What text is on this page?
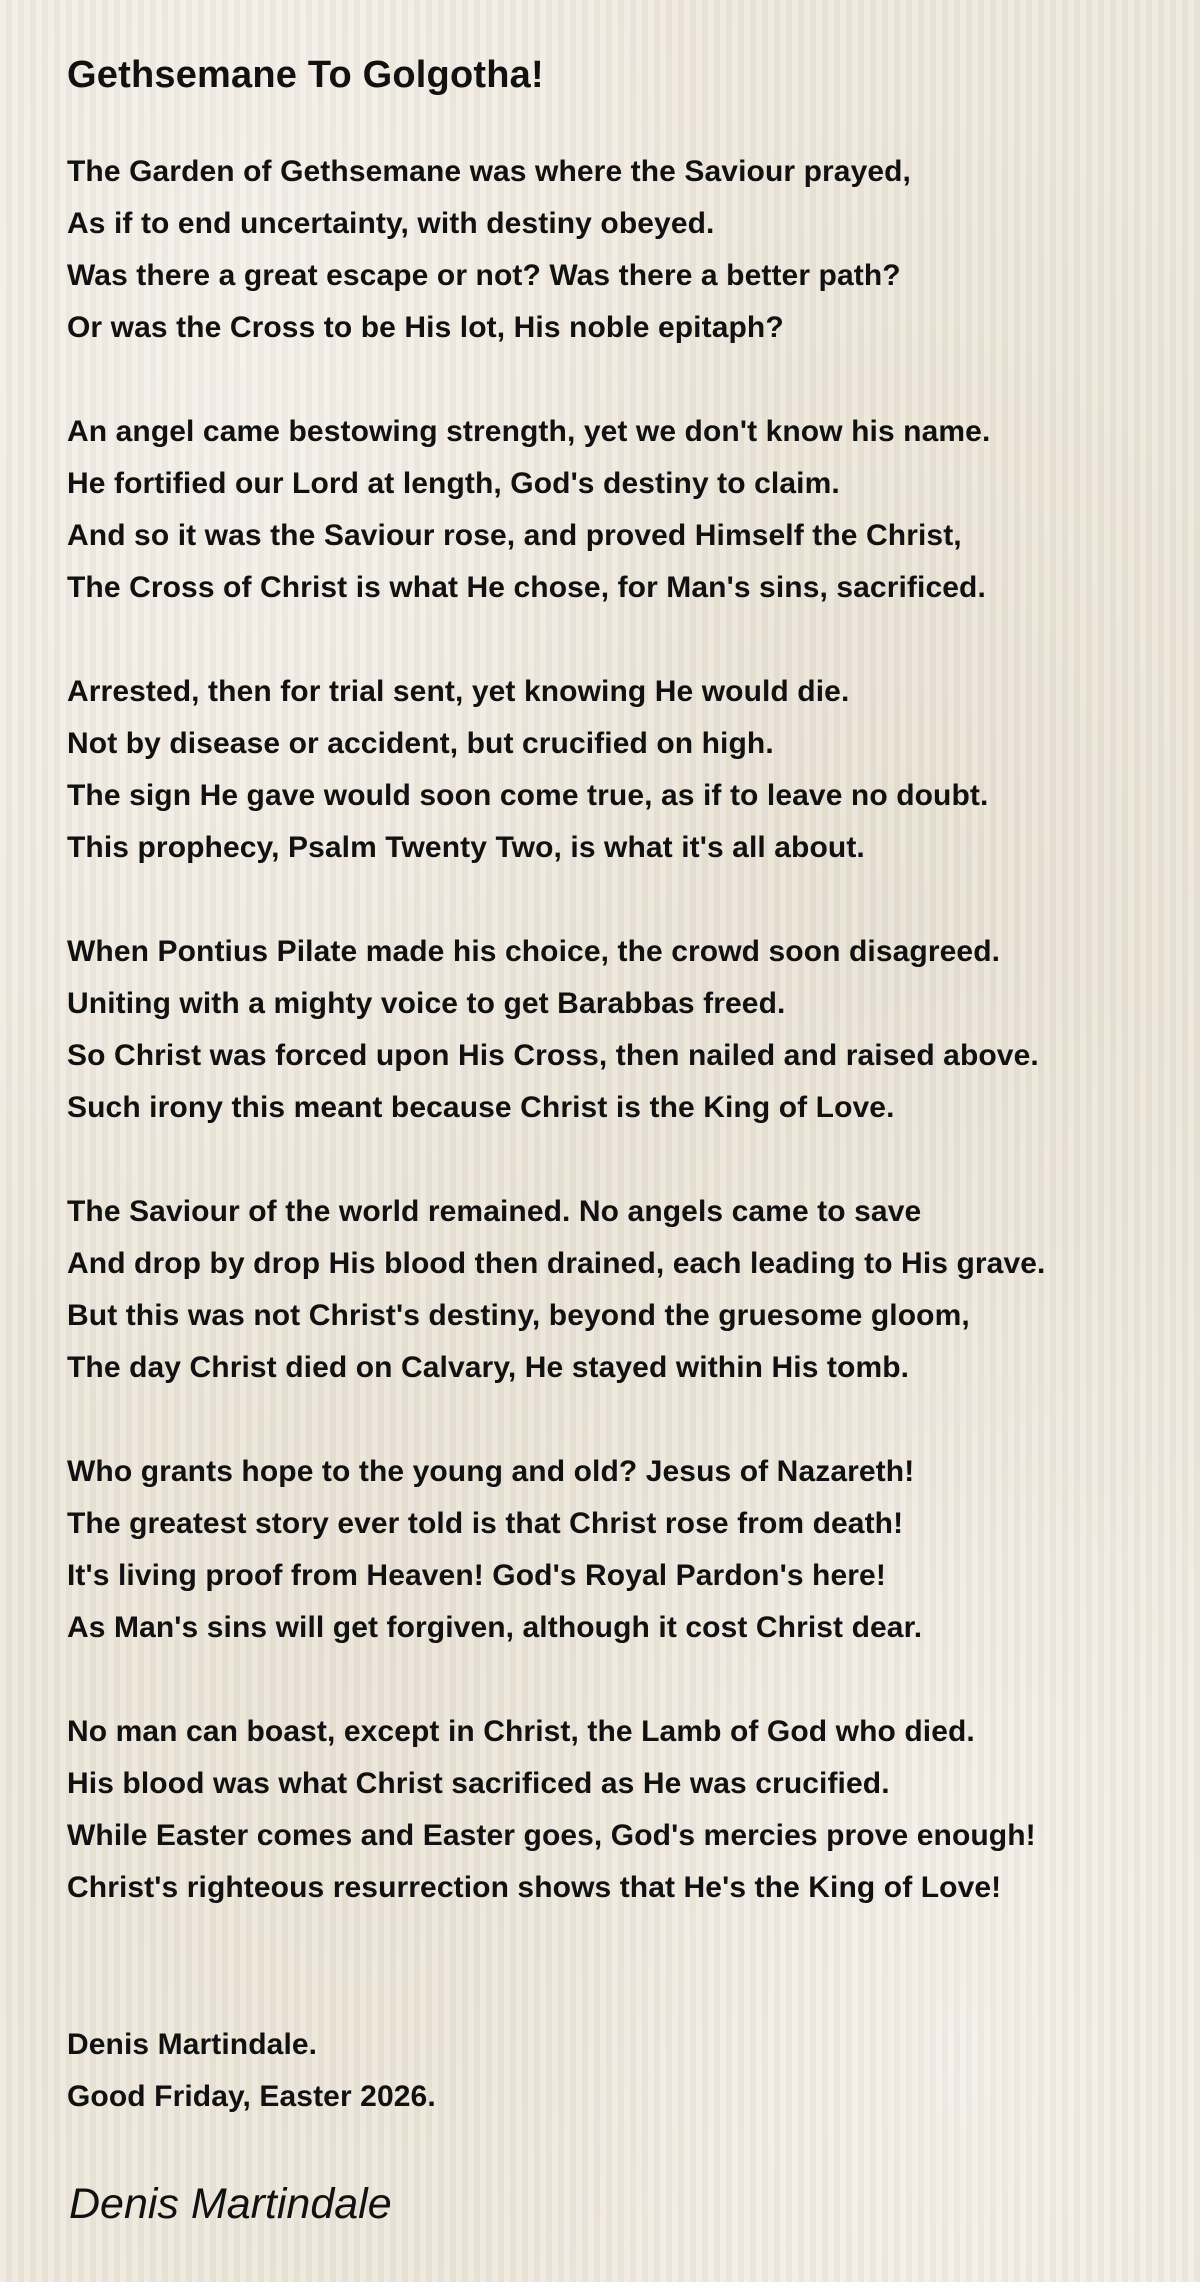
Gethsemane To Golgotha!
The Garden of Gethsemane was where the Saviour prayed,
As if to end uncertainty, with destiny obeyed.
Was there a great escape or not? Was there a better path?
Or was the Cross to be His lot, His noble epitaph?
An angel came bestowing strength, yet we don't know his name.
He fortified our Lord at length, God's destiny to claim.
And so it was the Saviour rose, and proved Himself the Christ,
The Cross of Christ is what He chose, for Man's sins, sacrificed.
Arrested, then for trial sent, yet knowing He would die.
Not by disease or accident, but crucified on high.
The sign He gave would soon come true, as if to leave no doubt.
This prophecy, Psalm Twenty Two, is what it's all about.
When Pontius Pilate made his choice, the crowd soon disagreed.
Uniting with a mighty voice to get Barabbas freed.
So Christ was forced upon His Cross, then nailed and raised above.
Such irony this meant because Christ is the King of Love.
The Saviour of the world remained. No angels came to save
And drop by drop His blood then drained, each leading to His grave.
But this was not Christ's destiny, beyond the gruesome gloom,
The day Christ died on Calvary, He stayed within His tomb.
Who grants hope to the young and old? Jesus of Nazareth!
The greatest story ever told is that Christ rose from death!
It's living proof from Heaven! God's Royal Pardon's here!
As Man's sins will get forgiven, although it cost Christ dear.
No man can boast, except in Christ, the Lamb of God who died.
His blood was what Christ sacrificed as He was crucified.
While Easter comes and Easter goes, God's mercies prove enough!
Christ's righteous resurrection shows that He's the King of Love!
Denis Martindale.
Good Friday, Easter 2026.
Denis Martindale
